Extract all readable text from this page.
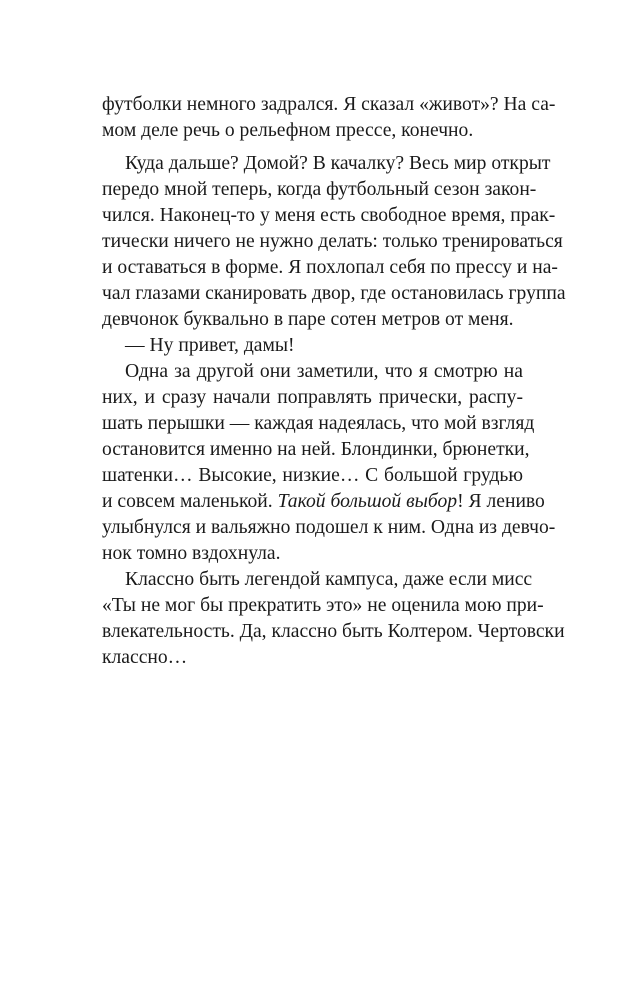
футболки немного задрался. Я сказал «живот»? На са-
мом деле речь о рельефном прессе, конечно.
Куда дальше? Домой? В качалку? Весь мир открыт
передо мной теперь, когда футбольный сезон закон-
чился. Наконец-то у меня есть свободное время, прак-
тически ничего не нужно делать: только тренироваться
и оставаться в форме. Я похлопал себя по прессу и на-
чал глазами сканировать двор, где остановилась группа
девчонок буквально в паре сотен метров от меня.
— Ну привет, дамы!
Одна за другой они заметили, что я смотрю на
них, и сразу начали поправлять прически, распу-
шать перышки — каждая надеялась, что мой взгляд
остановится именно на ней. Блондинки, брюнетки,
шатенки… Высокие, низкие… С большой грудью
и совсем маленькой. Такой большой выбор! Я лениво
улыбнулся и вальяжно подошел к ним. Одна из девчо-
нок томно вздохнула.
Классно быть легендой кампуса, даже если мисс
«Ты не мог бы прекратить это» не оценила мою при-
влекательность. Да, классно быть Колтером. Чертовски
классно…
